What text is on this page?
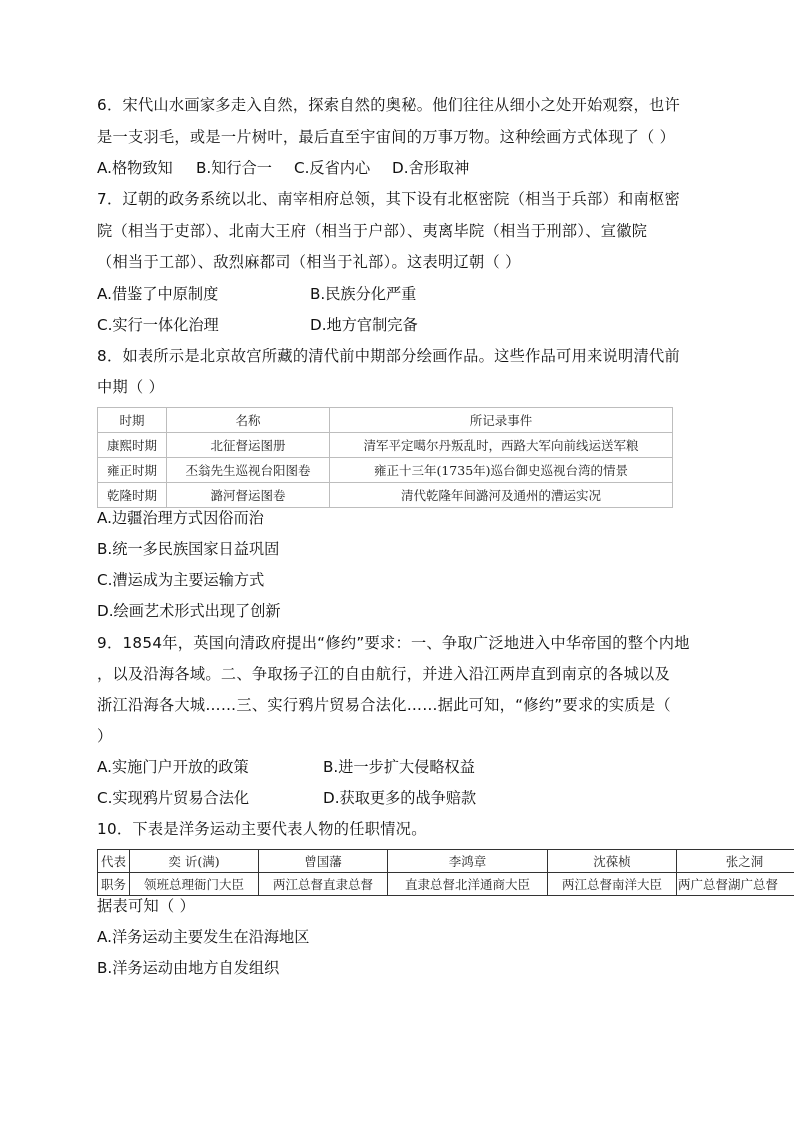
6．宋代山水画家多走入自然，探索自然的奥秘。他们往往从细小之处开始观察，也许
是一支羽毛，或是一片树叶，最后直至宇宙间的万事万物。这种绘画方式体现了（ ）
A.格物致知 B.知行合一 C.反省内心 D.舍形取神
7．辽朝的政务系统以北、南宰相府总领，其下设有北枢密院（相当于兵部）和南枢密
院（相当于吏部）、北南大王府（相当于户部）、夷离毕院（相当于刑部）、宣徽院
（相当于工部）、敌烈麻都司（相当于礼部）。这表明辽朝（ ）
A.借鉴了中原制度	B.民族分化严重
C.实行一体化治理	D.地方官制完备
8．如表所示是北京故宫所藏的清代前中期部分绘画作品。这些作品可用来说明清代前
中期（ ）
时期	名称	所记录事件
康熙时期	北征督运图册	清军平定噶尔丹叛乱时，西路大军向前线运送军粮
雍正时期	丕翁先生巡视台阳图卷	雍正十三年(1735年)巡台御史巡视台湾的情景
乾隆时期	潞河督运图卷	清代乾隆年间潞河及通州的漕运实况
A.边疆治理方式因俗而治
B.统一多民族国家日益巩固
C.漕运成为主要运输方式
D.绘画艺术形式出现了创新
9．1854年，英国向清政府提出“修约”要求：一、争取广泛地进入中华帝国的整个内地
，以及沿海各域。二、争取扬子江的自由航行，并进入沿江两岸直到南京的各城以及
浙江沿海各大城……三、实行鸦片贸易合法化……据此可知，“修约”要求的实质是（
）
A.实施门户开放的政策	B.进一步扩大侵略权益
C.实现鸦片贸易合法化	D.获取更多的战争赔款
10．下表是洋务运动主要代表人物的任职情况。
代表	奕 䜣(满)	曾国藩	李鸿章	沈葆桢	张之洞
职务	领班总理衙门大臣	两江总督直隶总督	直隶总督北洋通商大臣	两江总督南洋大臣	两广总督湖广总督
据表可知（ ）
A.洋务运动主要发生在沿海地区
B.洋务运动由地方自发组织
